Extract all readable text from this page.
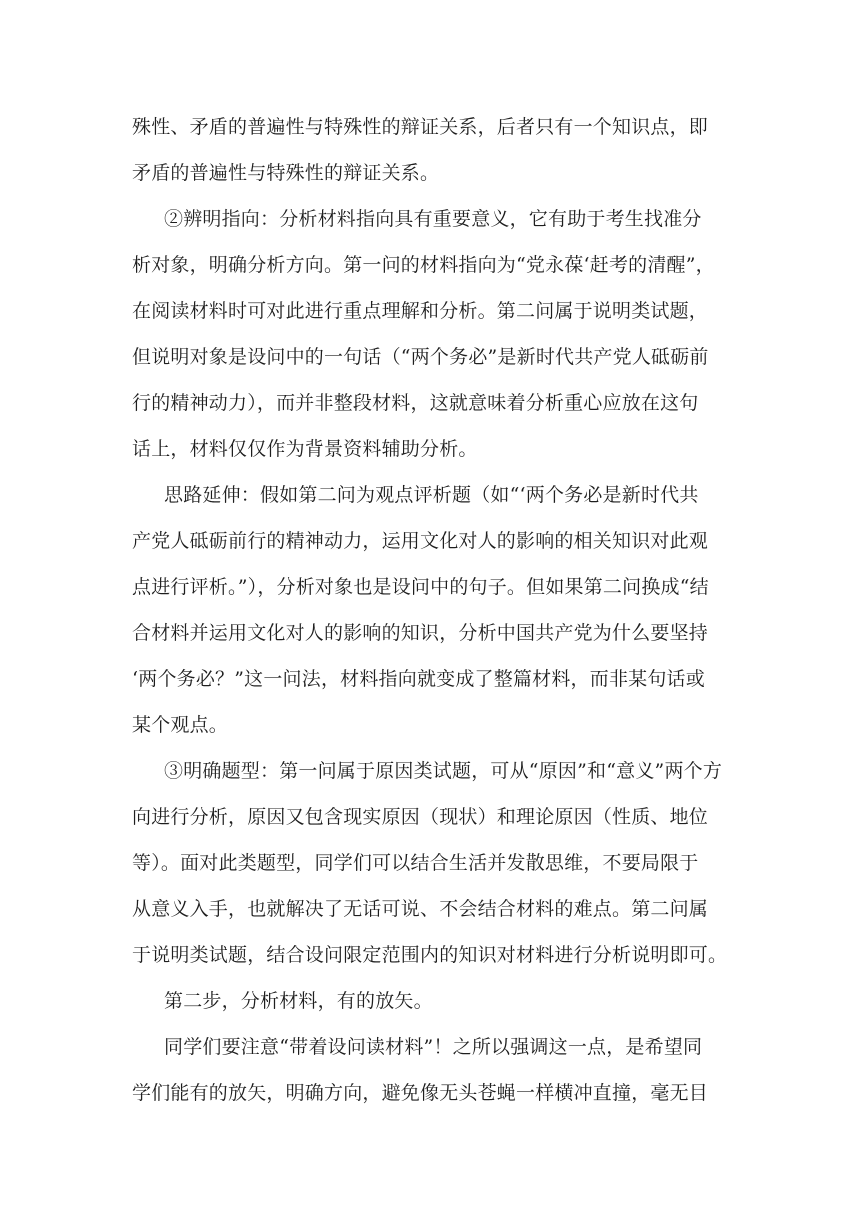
殊性、矛盾的普遍性与特殊性的辩证关系，后者只有一个知识点，即
矛盾的普遍性与特殊性的辩证关系。
②辨明指向：分析材料指向具有重要意义，它有助于考生找准分
析对象，明确分析方向。第一问的材料指向为“党永葆‘赶考的清醒”，
在阅读材料时可对此进行重点理解和分析。第二问属于说明类试题，
但说明对象是设问中的一句话（“两个务必”是新时代共产党人砥砺前
行的精神动力），而并非整段材料，这就意味着分析重心应放在这句
话上，材料仅仅作为背景资料辅助分析。
思路延伸：假如第二问为观点评析题（如“‘两个务必是新时代共
产党人砥砺前行的精神动力，运用文化对人的影响的相关知识对此观
点进行评析。”），分析对象也是设问中的句子。但如果第二问换成“结
合材料并运用文化对人的影响的知识，分析中国共产党为什么要坚持
‘两个务必？”这一问法，材料指向就变成了整篇材料，而非某句话或
某个观点。
③明确题型：第一问属于原因类试题，可从“原因”和“意义”两个方
向进行分析，原因又包含现实原因（现状）和理论原因（性质、地位
等）。面对此类题型，同学们可以结合生活并发散思维，不要局限于
从意义入手，也就解决了无话可说、不会结合材料的难点。第二问属
于说明类试题，结合设问限定范围内的知识对材料进行分析说明即可。
第二步，分析材料，有的放矢。
同学们要注意“带着设问读材料”！之所以强调这一点，是希望同
学们能有的放矢，明确方向，避免像无头苍蝇一样横冲直撞，毫无目
